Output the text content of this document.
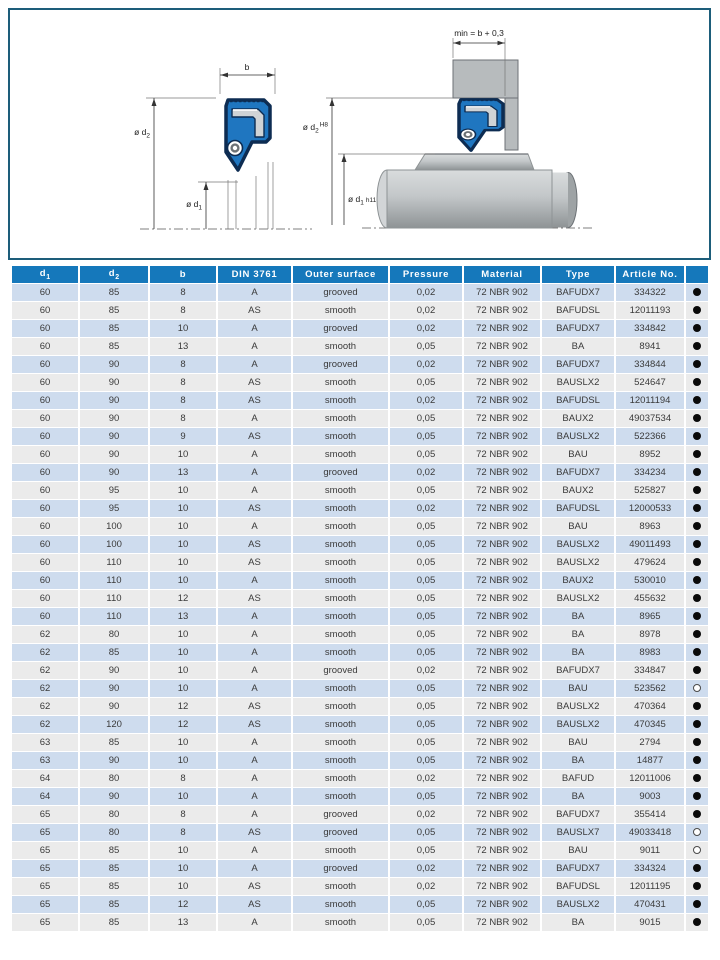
b
ø $d_2$
ø $d_1$
min = b + 0,3
ø $d_2^{H8}$
ø $d_1$ $^{h11}$
$d_1$	$d_2$	b	DIN 3761	Outer surface	Pressure	Material	Type	Article No.	
60	85	8	A	grooved	0,02	72 NBR 902	BAFUDX7	334322	
60	85	8	AS	smooth	0,02	72 NBR 902	BAFUDSL	12011193	
60	85	10	A	grooved	0,02	72 NBR 902	BAFUDX7	334842	
60	85	13	A	smooth	0,05	72 NBR 902	BA	8941	
60	90	8	A	grooved	0,02	72 NBR 902	BAFUDX7	334844	
60	90	8	AS	smooth	0,05	72 NBR 902	BAUSLX2	524647	
60	90	8	AS	smooth	0,02	72 NBR 902	BAFUDSL	12011194	
60	90	8	A	smooth	0,05	72 NBR 902	BAUX2	49037534	
60	90	9	AS	smooth	0,05	72 NBR 902	BAUSLX2	522366	
60	90	10	A	smooth	0,05	72 NBR 902	BAU	8952	
60	90	13	A	grooved	0,02	72 NBR 902	BAFUDX7	334234	
60	95	10	A	smooth	0,05	72 NBR 902	BAUX2	525827	
60	95	10	AS	smooth	0,02	72 NBR 902	BAFUDSL	12000533	
60	100	10	A	smooth	0,05	72 NBR 902	BAU	8963	
60	100	10	AS	smooth	0,05	72 NBR 902	BAUSLX2	49011493	
60	110	10	AS	smooth	0,05	72 NBR 902	BAUSLX2	479624	
60	110	10	A	smooth	0,05	72 NBR 902	BAUX2	530010	
60	110	12	AS	smooth	0,05	72 NBR 902	BAUSLX2	455632	
60	110	13	A	smooth	0,05	72 NBR 902	BA	8965	
62	80	10	A	smooth	0,05	72 NBR 902	BA	8978	
62	85	10	A	smooth	0,05	72 NBR 902	BA	8983	
62	90	10	A	grooved	0,02	72 NBR 902	BAFUDX7	334847	
62	90	10	A	smooth	0,05	72 NBR 902	BAU	523562	
62	90	12	AS	smooth	0,05	72 NBR 902	BAUSLX2	470364	
62	120	12	AS	smooth	0,05	72 NBR 902	BAUSLX2	470345	
63	85	10	A	smooth	0,05	72 NBR 902	BAU	2794	
63	90	10	A	smooth	0,05	72 NBR 902	BA	14877	
64	80	8	A	smooth	0,02	72 NBR 902	BAFUD	12011006	
64	90	10	A	smooth	0,05	72 NBR 902	BA	9003	
65	80	8	A	grooved	0,02	72 NBR 902	BAFUDX7	355414	
65	80	8	AS	grooved	0,05	72 NBR 902	BAUSLX7	49033418	
65	85	10	A	smooth	0,05	72 NBR 902	BAU	9011	
65	85	10	A	grooved	0,02	72 NBR 902	BAFUDX7	334324	
65	85	10	AS	smooth	0,02	72 NBR 902	BAFUDSL	12011195	
65	85	12	AS	smooth	0,05	72 NBR 902	BAUSLX2	470431	
65	85	13	A	smooth	0,05	72 NBR 902	BA	9015	
